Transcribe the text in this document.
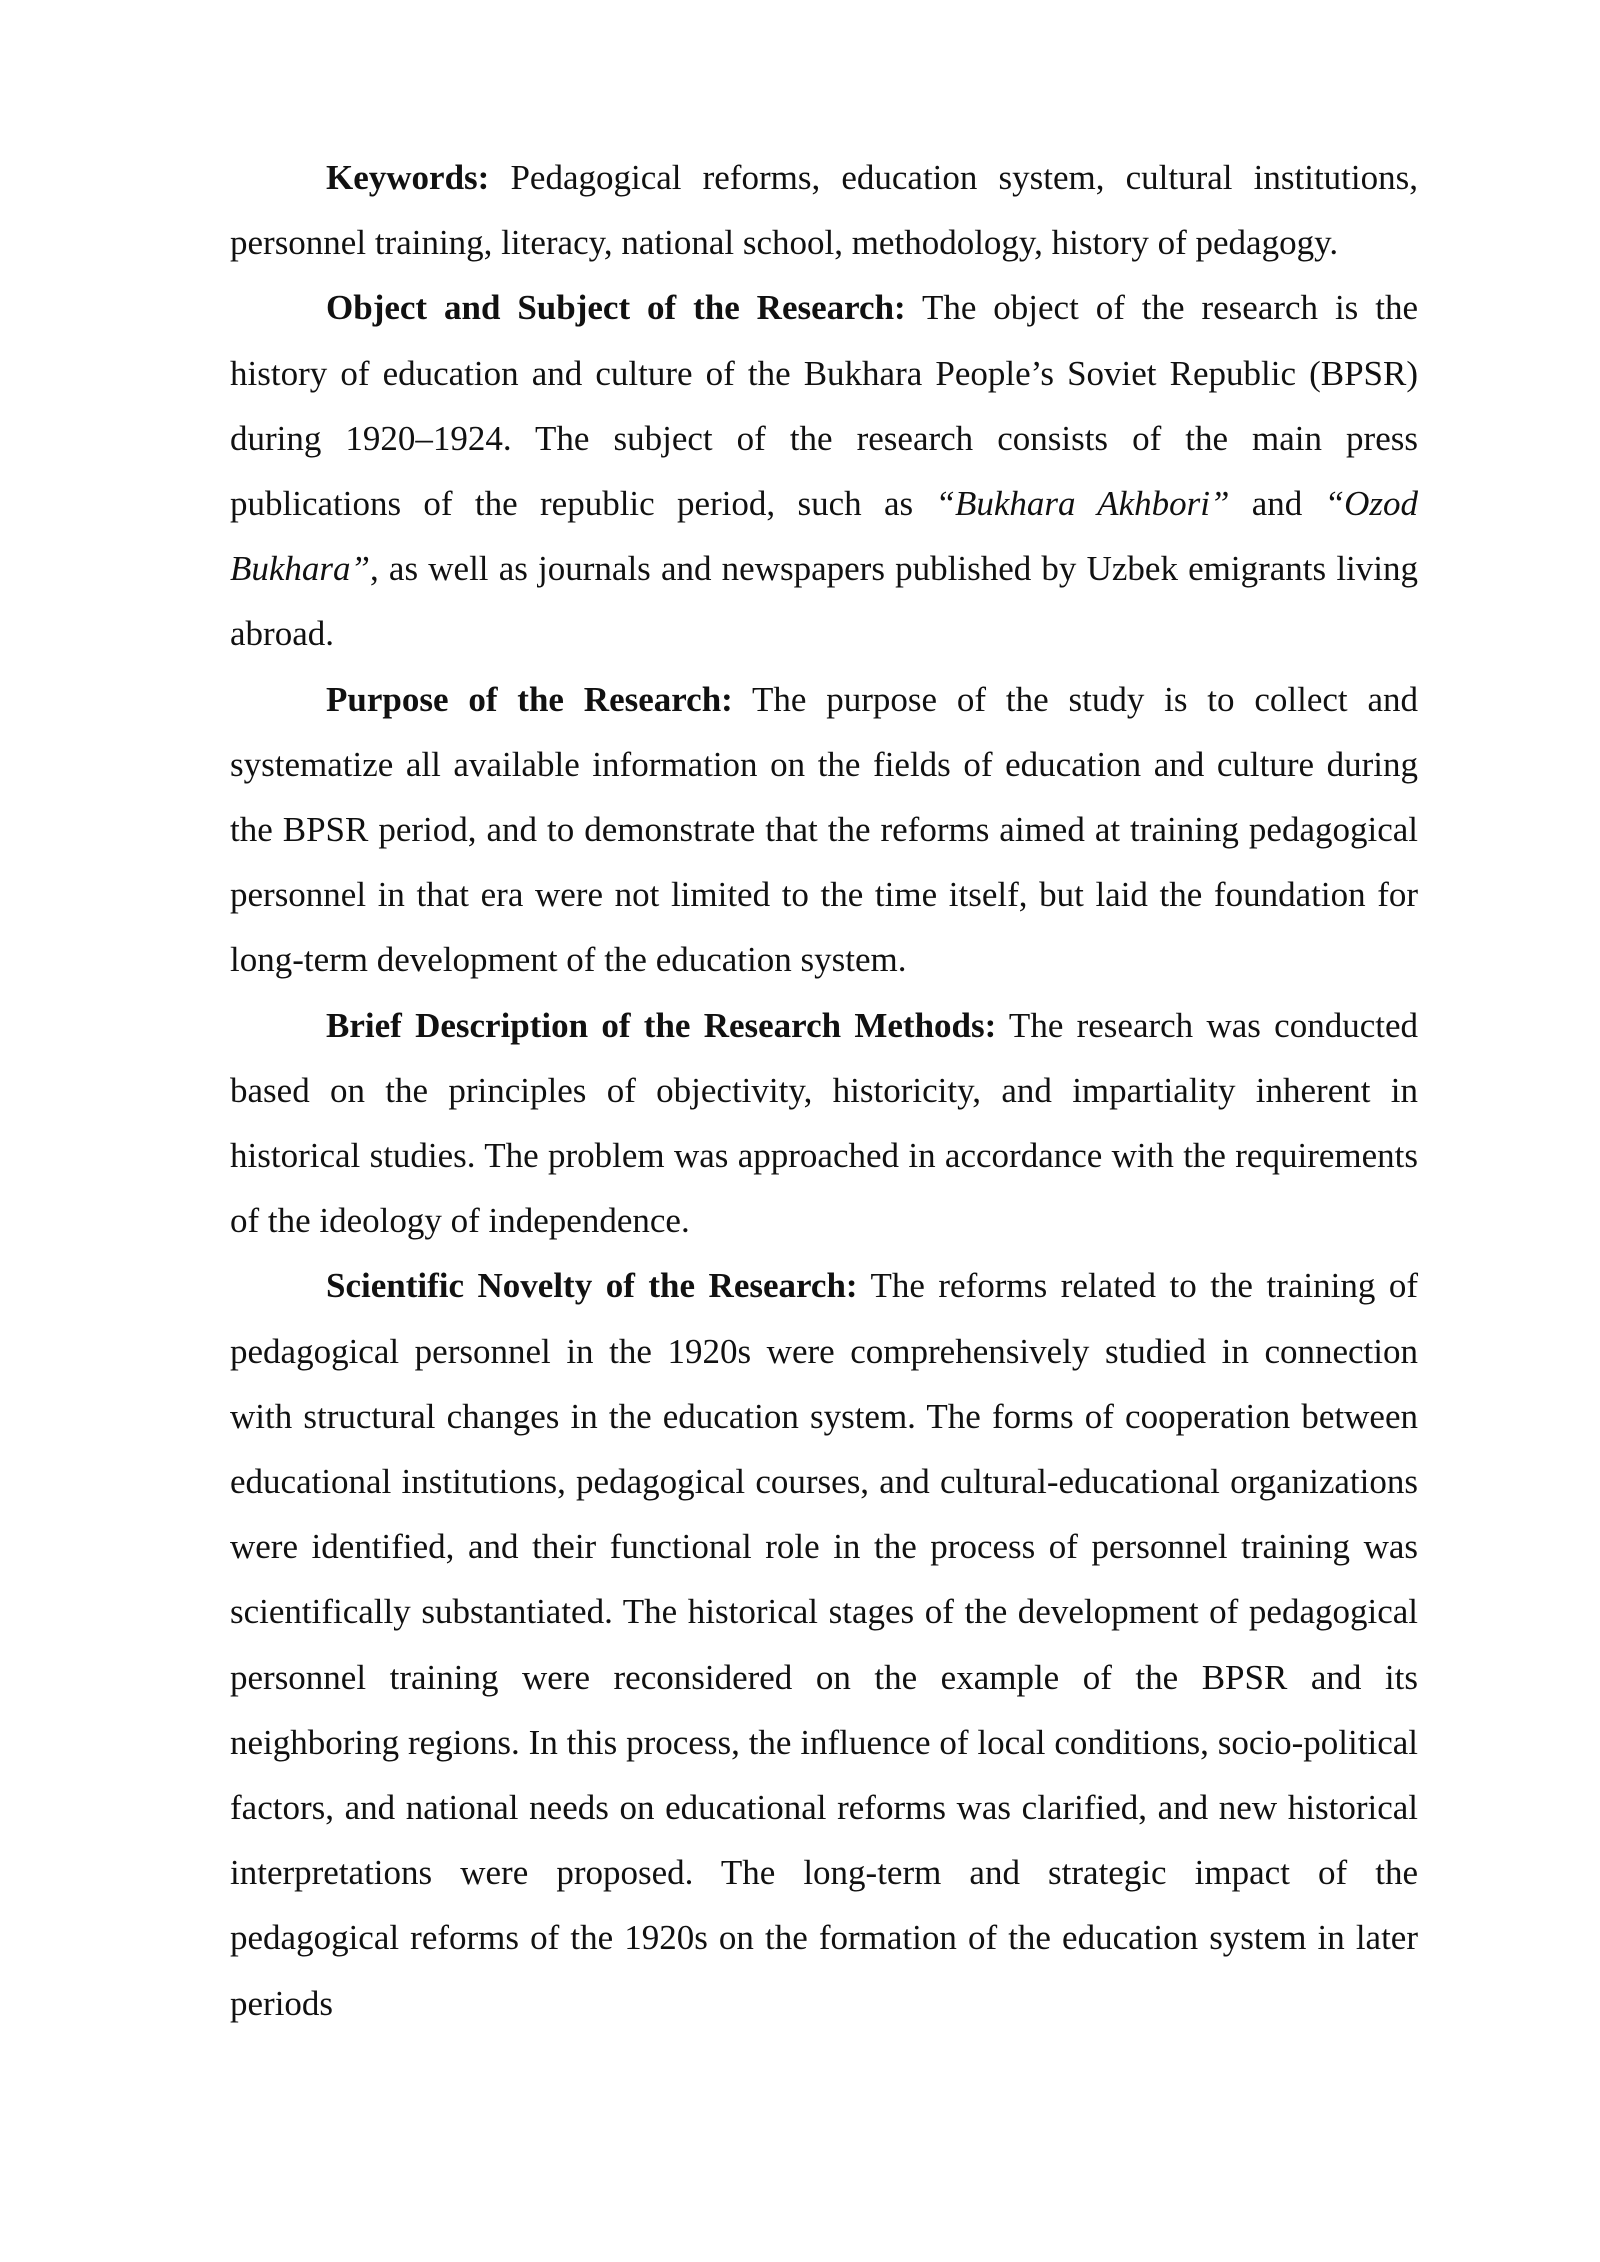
Keywords: Pedagogical reforms, education system, cultural institutions, personnel training, literacy, national school, methodology, history of pedagogy.

Object and Subject of the Research: The object of the research is the history of education and culture of the Bukhara People’s Soviet Republic (BPSR) during 1920–1924. The subject of the research consists of the main press publications of the republic period, such as “Bukhara Akhbori” and “Ozod Bukhara”, as well as journals and newspapers published by Uzbek emigrants living abroad.

Purpose of the Research: The purpose of the study is to collect and systematize all available information on the fields of education and culture during the BPSR period, and to demonstrate that the reforms aimed at training pedagogical personnel in that era were not limited to the time itself, but laid the foundation for long-term development of the education system.

Brief Description of the Research Methods: The research was conducted based on the principles of objectivity, historicity, and impartiality inherent in historical studies. The problem was approached in accordance with the requirements of the ideology of independence.

Scientific Novelty of the Research: The reforms related to the training of pedagogical personnel in the 1920s were comprehensively studied in connection with structural changes in the education system. The forms of cooperation between educational institutions, pedagogical courses, and cultural-educational organizations were identified, and their functional role in the process of personnel training was scientifically substantiated. The historical stages of the development of pedagogical personnel training were reconsidered on the example of the BPSR and its neighboring regions. In this process, the influence of local conditions, socio-political factors, and national needs on educational reforms was clarified, and new historical interpretations were proposed. The long-term and strategic impact of the pedagogical reforms of the 1920s on the formation of the education system in later periods
